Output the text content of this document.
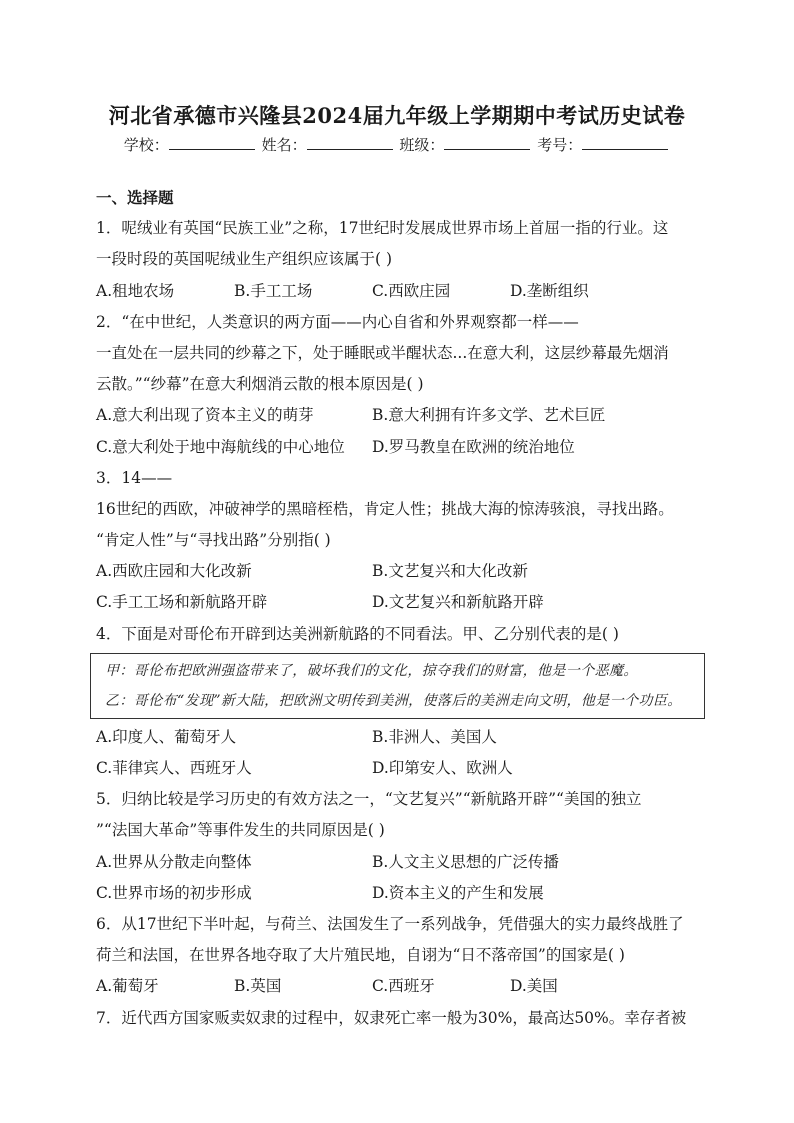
河北省承德市兴隆县2024届九年级上学期期中考试历史试卷
学校：	姓名：	班级：	考号：
一、选择题
1．呢绒业有英国“民族工业”之称，17世纪时发展成世界市场上首屈一指的行业。这
一段时段的英国呢绒业生产组织应该属于( )
A.租地农场	B.手工工场	C.西欧庄园	D.垄断组织
2．“在中世纪，人类意识的两方面——内心自省和外界观察都一样——
一直处在一层共同的纱幕之下，处于睡眠或半醒状态...在意大利，这层纱幕最先烟消
云散。”“纱幕”在意大利烟消云散的根本原因是( )
A.意大利出现了资本主义的萌芽	B.意大利拥有许多文学、艺术巨匠
C.意大利处于地中海航线的中心地位	D.罗马教皇在欧洲的统治地位
3．14——
16世纪的西欧，冲破神学的黑暗桎梏，肯定人性；挑战大海的惊涛骇浪，寻找出路。
“肯定人性”与“寻找出路”分别指( )
A.西欧庄园和大化改新	B.文艺复兴和大化改新
C.手工工场和新航路开辟	D.文艺复兴和新航路开辟
4．下面是对哥伦布开辟到达美洲新航路的不同看法。甲、乙分别代表的是( )
甲：哥伦布把欧洲强盗带来了，破坏我们的文化，掠夺我们的财富，他是一个恶魔。
乙：哥伦布“发现”新大陆，把欧洲文明传到美洲，使落后的美洲走向文明，他是一个功臣。
A.印度人、葡萄牙人	B.非洲人、美国人
C.菲律宾人、西班牙人	D.印第安人、欧洲人
5．归纳比较是学习历史的有效方法之一，“文艺复兴”“新航路开辟”“美国的独立
”“法国大革命”等事件发生的共同原因是( )
A.世界从分散走向整体	B.人文主义思想的广泛传播
C.世界市场的初步形成	D.资本主义的产生和发展
6．从17世纪下半叶起，与荷兰、法国发生了一系列战争，凭借强大的实力最终战胜了
荷兰和法国，在世界各地夺取了大片殖民地，自诩为“日不落帝国”的国家是( )
A.葡萄牙	B.英国	C.西班牙	D.美国
7．近代西方国家贩卖奴隶的过程中，奴隶死亡率一般为30%，最高达50%。幸存者被
